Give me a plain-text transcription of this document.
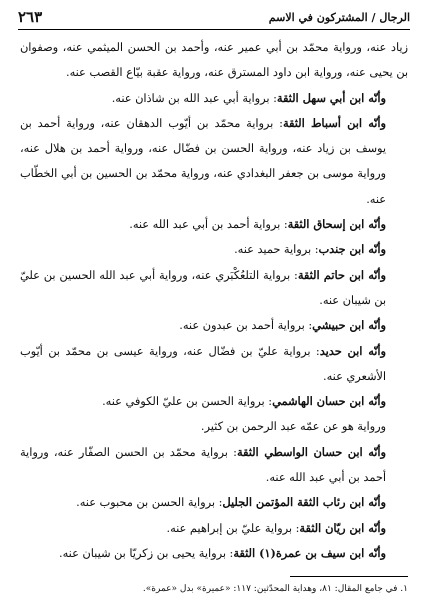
الرجال / المشتركون في الاسم
٢٦٣

زياد عنه، ورواية محمّد بن أبي عمير عنه، وأحمد بن الحسن الميثمي عنه، وصفوان بن يحيى عنه، ورواية ابن داود المسترق عنه، ورواية عقبة بيّاع القصب عنه.

وأنّه ابن أبي سهل الثقة: برواية أبي عبد الله بن شاذان عنه.

وأنّه ابن أسباط الثقة: برواية محمّد بن أيّوب الدهقان عنه، ورواية أحمد بن يوسف بن زياد عنه، ورواية الحسن بن فضّال عنه، ورواية أحمد بن هلال عنه، ورواية موسى بن جعفر البغدادي عنه، ورواية محمّد بن الحسين بن أبي الخطّاب عنه.

وأنّه ابن إسحاق الثقة: برواية أحمد بن أبي عبد الله عنه.

وأنّه ابن جندب: برواية حميد عنه.

وأنّه ابن حاتم الثقة: برواية التلعُكْبَري عنه، ورواية أبي عبد الله الحسين بن عليّ بن شيبان عنه.

وأنّه ابن حبيشي: برواية أحمد بن عبدون عنه.

وأنّه ابن حديد: برواية عليّ بن فضّال عنه، ورواية عيسى بن محمّد بن أيّوب الأشعري عنه.

وأنّه ابن حسان الهاشمي: برواية الحسن بن عليّ الكوفي عنه.

ورواية هو عن عمّه عبد الرحمن بن كثير.

وأنّه ابن حسان الواسطي الثقة: برواية محمّد بن الحسن الصفّار عنه، ورواية أحمد بن أبي عبد الله عنه.

وأنّه ابن رئاب الثقة المؤتمن الجليل: برواية الحسن بن محبوب عنه.

وأنّه ابن ريّان الثقة: برواية عليّ بن إبراهيم عنه.

وأنّه ابن سيف بن عمرة(١) الثقة: برواية يحيى بن زكريّا بن شيبان عنه.

١. في جامع المقال: ٨١، وهداية المحدّثين: ١١٧: «عميرة» بدل «عمرة».
